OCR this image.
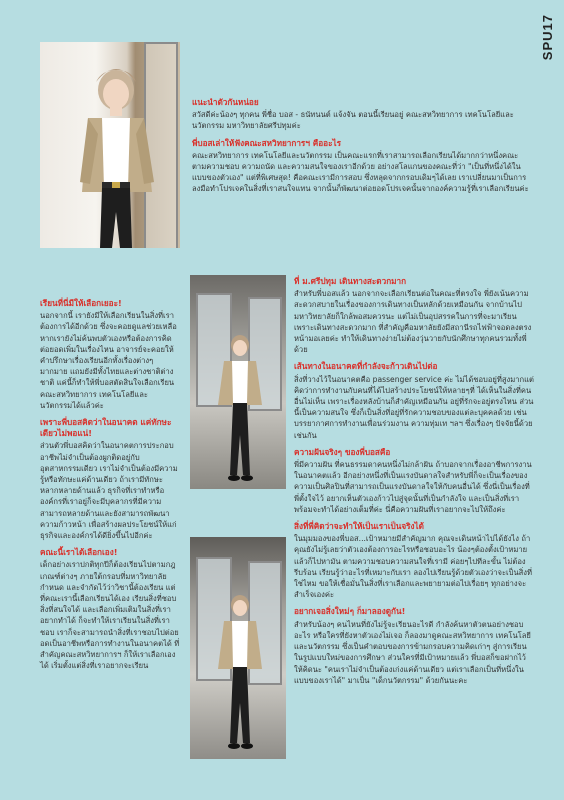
SPU17
แนะนำตัวกันหน่อย
สวัสดีค่ะน้องๆ ทุกคน พี่ชื่อ บอส - ธนัทนนต์ แจ้งจัน ตอนนี้เรียนอยู่ คณะสหวิทยาการ เทคโนโลยีและนวัตกรรม มหาวิทยาลัยศรีปทุมค่ะ
พี่บอสเล่าให้ฟังคณะสหวิทยาการฯ คืออะไร
คณะสหวิทยาการ เทคโนโลยีและนวัตกรรม เป็นคณะแรกที่เราสามารถเลือกเรียนได้มากกว่าหนึ่งคณะตามความชอบ ความถนัด และความสนใจของเราอีกด้วย อย่างสโลแกนของคณะที่ว่า "เป็นที่หนึ่งได้ในแบบของตัวเอง" แต่ที่พิเศษสุด! คือคณะเรามีการสอบ ซึ่งหลุดจากกรอบเดิมๆได้เลย เราเปลี่ยนมาเป็นการลงมือทำโปรเจคในสิ่งที่เราสนใจแทน จากนั้นก็พัฒนาต่อยอดโปรเจคนั้นจากองค์ความรู้ที่เราเลือกเรียนค่ะ
เรียนที่นี่มีให้เลือกเยอะ!
นอกจากนี้ เรายังมีให้เลือกเรียนในสิ่งที่เราต้องการได้อีกด้วย ซึ่งจะคอยดูแลช่วยเหลือหากเรายังไม่ค้นพบตัวเองหรือต้องการคิดต่อยอดเพิ่มในเรื่องไหน อาจารย์จะคอยให้คำปรึกษาเรื่องเรียนอีกทั้งเรื่องต่างๆ มากมาย แถมยังมีทั้งไทยและต่างชาติต่างชาติ แค่นี้ก็ทำให้พี่บอสตัดสินใจเลือกเรียนคณะสหวิทยาการ เทคโนโลยีและนวัตกรรมได้แล้วค่ะ
เพราะพี่บอสคิดว่าในอนาคต แค่ทักษะเดียวไม่พอแน่!
ส่วนตัวพี่บอสคิดว่าในอนาคตการประกอบอาชีพไม่จำเป็นต้องผูกติดอยู่กับอุตสาหกรรมเดียว เราไม่จำเป็นต้องมีความรู้หรือทักษะแค่ด้านเดียว ถ้าเรามีทักษะหลากหลายด้านแล้ว ธุรกิจที่เราทำหรือองค์กรที่เราอยู่ก็จะมีบุคลากรที่มีความสามารถหลายด้านและยังสามารถพัฒนาความก้าวหน้า เพื่อสร้างผลประโยชน์ให้แก่ธุรกิจและองค์กรได้ดียิ่งขึ้นไปอีกค่ะ
คณะนี้เราได้เลือกเอง!
เด็กอย่างเราปกติทุกปีก็ต้องเรียนไปตามกฎเกณฑ์ต่างๆ ภายใต้กรอบที่มหาวิทยาลัยกำหนด และจำกัดไว้ว่าวิชานี้ต้องเรียน แต่ที่คณะเรานี้เลือกเรียนได้เอง เรียนสิ่งที่ชอบ สิ่งที่สนใจได้ และเลือกเพิ่มเติมในสิ่งที่เราอยากทำได้ ก็จะทำให้เราเรียนในสิ่งที่เราชอบ เราก็จะสามารถนำสิ่งที่เราชอบไปต่อยอดเป็นอาชีพหรือการทำงานในอนาคตได้ ที่สำคัญคณะสหวิทยาการฯ ก็ให้เราเลือกเองได้ เริ่มตั้งแต่สิ่งที่เราอยากจะเรียน
ที่ ม.ศรีปทุม เดินทางสะดวกมาก
สำหรับพี่บอสแล้ว นอกจากจะเลือกเรียนต่อในคณะที่ตรงใจ พี่ยังเน้นความสะดวกสบายในเรื่องของการเดินทางเป็นหลักด้วยเหมือนกัน จากบ้านไปมหาวิทยาลัยก็ใกล้พอสมควรนะ แต่ไม่เป็นอุปสรรคในการที่จะมาเรียน เพราะเดินทางสะดวกมาก ที่สำคัญคือมหาลัยยังมีสถานีรถไฟฟ้าจอดลงตรงหน้ามอเลยค่ะ ทำให้เดินทางง่ายไม่ต้องวุ่นวายกับนักศึกษาทุกคนรวมทั้งพี่ด้วย
เส้นทางในอนาคตที่กำลังจะก้าวเดินไปต่อ
สิ่งที่วางไว้ในอนาคตคือ passenger service ค่ะ ไม่ได้ชอบอยู่ที่สูงมากแต่คิดว่าการทำงานกับคนที่ได้ไปสร้างประโยชน์ให้หลายๆที่ ได้เห็นในสิ่งที่คนอื่นไม่เห็น เพราะเรื่องหลังบ้านก็สำคัญเหมือนกัน อยู่ที่รักจะอยู่ตรงไหน ส่วนนี้เป็นความสนใจ ซึ่งก็เป็นสิ่งที่อยู่ที่รักความชอบของแต่ละบุคคลด้วย เช่น บรรยากาศการทำงานเพื่อนร่วมงาน ความทุ่มเท ฯลฯ ซึ่งเรื่องๆ ปัจจัยนี้ด้วยเช่นกัน
ความฝันจริงๆ ของพี่บอสคือ
พี่มีความฝัน ที่คนธรรมดาคนหนึ่งไม่กล้าฝัน ถ้าบอกจากเรื่องอาชีพการงานในอนาคตแล้ว อีกอย่างหนึ่งที่เป็นแรงบันดาลใจสำหรับพี่ก็จะเป็นเรื่องของความเป็นศิลปินที่สามารถเป็นแรงบันดาลใจให้กับคนอื่นได้ ซึ่งนี่เป็นเรื่องที่พี่ตั้งใจไว้ อยากเห็นตัวเองก้าวไปสู่จุดนั้นที่เป็นกำลังใจ และเป็นสิ่งที่เราพร้อมจะทำได้อย่างเต็มที่ค่ะ นี่คือความฝันที่เราอยากจะไปให้ถึงค่ะ
สิ่งที่พี่คิดว่าจะทำให้เป็นเราเป็นจริงได้
ในมุมมองของพี่บอส...เป้าหมายมีสำคัญมาก คุณจะเดินหน้าไปได้ยังไง ถ้าคุณยังไม่รู้เลยว่าตัวเองต้องการอะไรหรือชอบอะไร น้องๆต้องตั้งเป้าหมายแล้วก็ไปหามัน ตามความชอบความสนใจที่เรามี ค่อยๆไปทีละขั้น ไม่ต้องรีบร้อน เรียนรู้ว่าอะไรที่เหมาะกับเรา ลองไปเรียนรู้ด้วยตัวเองว่าจะเป็นสิ่งที่ใช่ไหม ขอให้เชื่อมั่นในสิ่งที่เราเลือกและพยายามต่อไปเรื่อยๆ ทุกอย่างจะสำเร็จเองค่ะ
อยากเจอสิ่งใหม่ๆ ก็มาลองดูกัน!
สำหรับน้องๆ คนไหนที่ยังไม่รู้จะเรียนอะไรดี กำลังค้นหาตัวตนอย่างชอบอะไร หรือใครที่ยังหาตัวเองไม่เจอ ก็ลองมาดูคณะสหวิทยาการ เทคโนโลยีและนวัตกรรม ซึ่งเป็นคำตอบของการข้ามกรอบความคิดเก่าๆ สู่การเรียนในรูปแบบใหม่ของการศึกษา ส่วนใครที่มีเป้าหมายแล้ว พี่บอสก็ขอฝากไว้ให้คิดนะ "คนเราไม่จำเป็นต้องเก่งแค่ด้านเดียว แต่เราเลือกเป็นที่หนึ่งในแบบของเราได้" มาเป็น "เด็กนวัตกรรม" ด้วยกันนะคะ
